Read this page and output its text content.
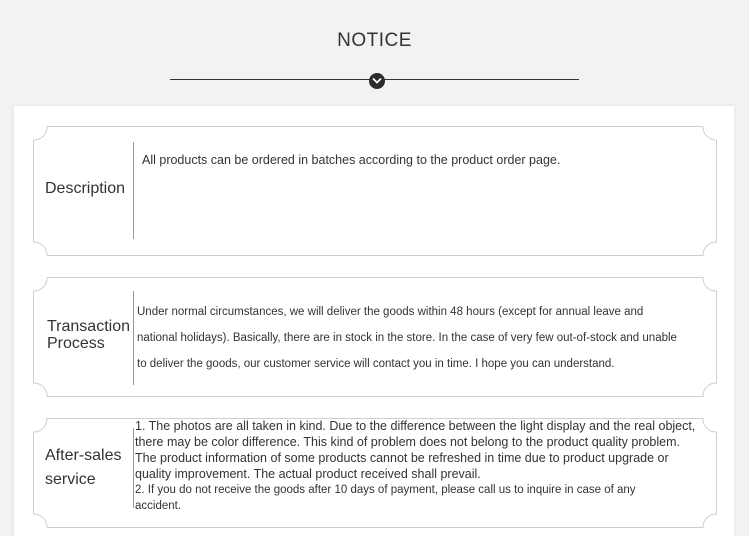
NOTICE
Description
All products can be ordered in batches according to the product order page.
Transaction
Process
Under normal circumstances, we will deliver the goods within 48 hours (except for annual leave and
national holidays). Basically, there are in stock in the store. In the case of very few out-of-stock and unable
to deliver the goods, our customer service will contact you in time. I hope you can understand.
After-sales
service
1. The photos are all taken in kind. Due to the difference between the light display and the real object,
there may be color difference. This kind of problem does not belong to the product quality problem.
The product information of some products cannot be refreshed in time due to product upgrade or
quality improvement. The actual product received shall prevail.
2. If you do not receive the goods after 10 days of payment, please call us to inquire in case of any
accident.
